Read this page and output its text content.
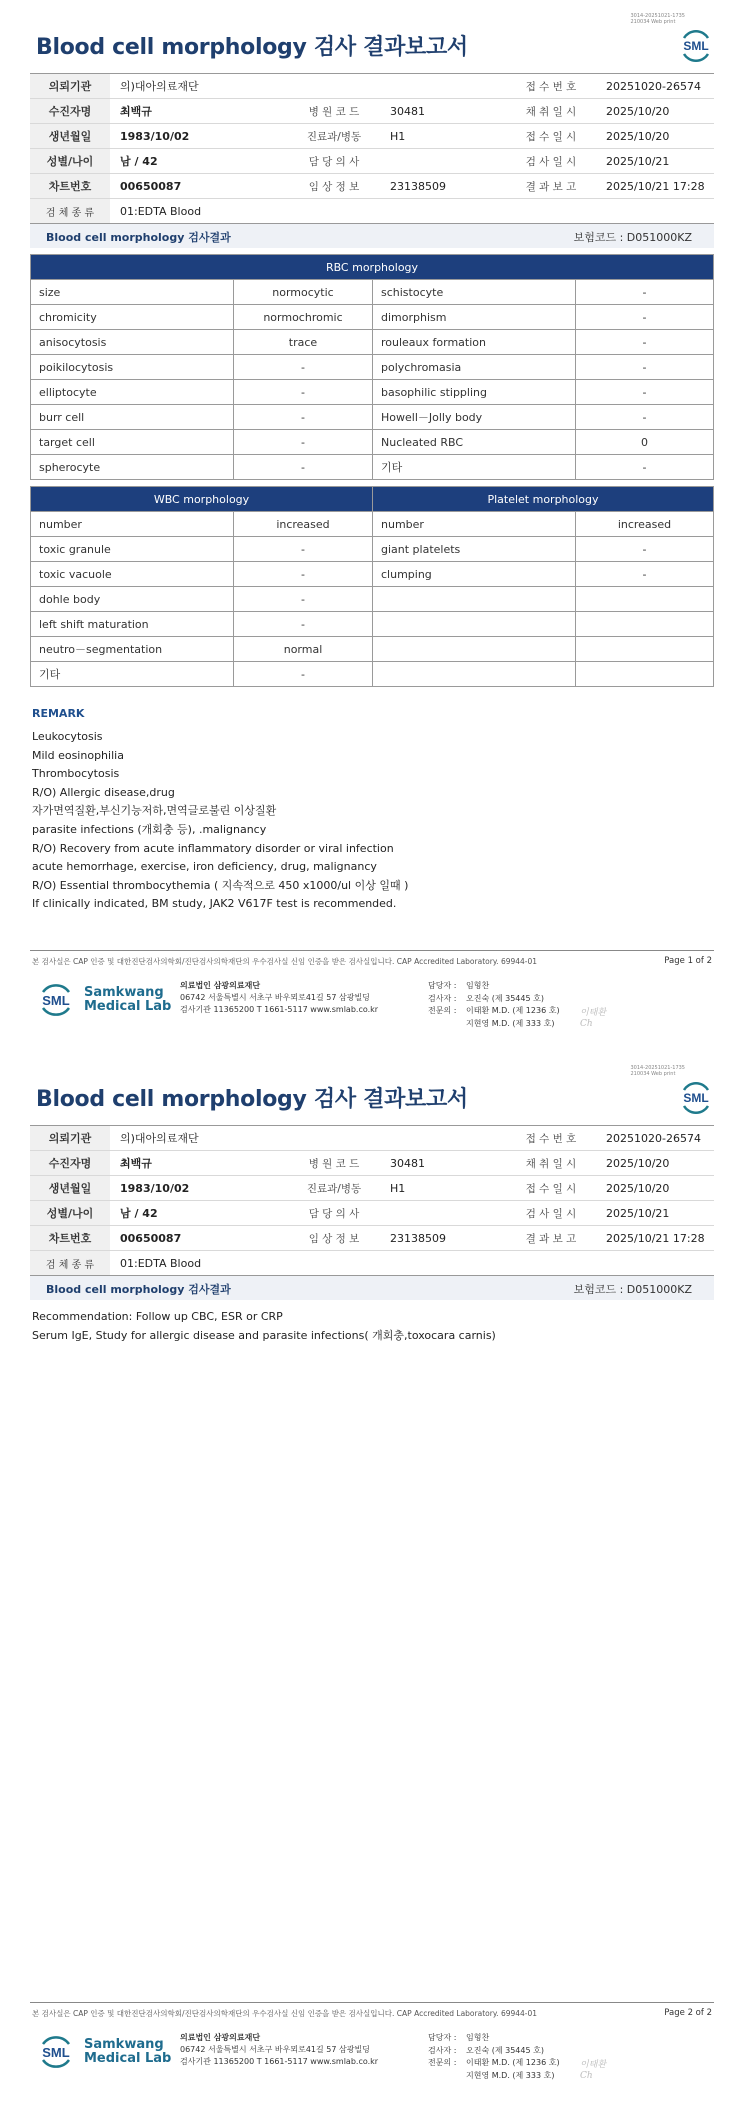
3014-20251021-1735
210034 Web print
SML
Blood cell morphology 검사 결과보고서
의뢰기관	의)대아의료재단			접 수 번 호	20251020-26574
수진자명	최백규	병 원 코 드	30481	채 취 일 시	2025/10/20
생년월일	1983/10/02	진료과/병동	H1	접 수 일 시	2025/10/20
성별/나이	남 / 42	담 당 의 사		검 사 일 시	2025/10/21
차트번호	00650087	임 상 정 보	23138509	결 과 보 고	2025/10/21 17:28
검 체 종 류	01:EDTA Blood				
Blood cell morphology 검사결과	보험코드 : D051000KZ
RBC morphology			
size	normocytic	schistocyte	-
chromicity	normochromic	dimorphism	-
anisocytosis	trace	rouleaux formation	-
poikilocytosis	-	polychromasia	-
elliptocyte	-	basophilic stippling	-
burr cell	-	Howell－Jolly body	-
target cell	-	Nucleated RBC	0
spherocyte	-	기타	-
WBC morphology		Platelet morphology	
number	increased	number	increased
toxic granule	-	giant platelets	-
toxic vacuole	-	clumping	-
dohle body	-		
left shift maturation	-		
neutro－segmentation	normal		
기타	-		
REMARK
Leukocytosis
Mild eosinophilia
Thrombocytosis
R/O) Allergic disease,drug
자가면역질환,부신기능저하,면역글로불린 이상질환
parasite infections (개회충 등), .malignancy
R/O) Recovery from acute inflammatory disorder or viral infection
acute hemorrhage, exercise, iron deficiency, drug, malignancy
R/O) Essential thrombocythemia ( 지속적으로 450 x1000/ul 이상 일때 )
If clinically indicated, BM study, JAK2 V617F test is recommended.
본 검사실은 CAP 인증 및 대한진단검사의학회/진단검사의학재단의 우수검사실 신임 인증을 받은 검사실입니다. CAP Accredited Laboratory. 69944-01	Page 1 of 2
SML
Samkwang
Medical Lab
의료법인 삼광의료재단
06742 서울특별시 서초구 바우뫼로41길 57 삼광빌딩
검사기관 11365200 T 1661-5117 www.smlab.co.kr
담당자 : 임형찬
검사자 : 오진숙 (제 35445 호)
전문의 : 이태환 M.D. (제 1236 호)
지현영 M.D. (제 333 호)
이태환
Ch
3014-20251021-1735
210034 Web print
SML
Blood cell morphology 검사 결과보고서
의뢰기관	의)대아의료재단			접 수 번 호	20251020-26574
수진자명	최백규	병 원 코 드	30481	채 취 일 시	2025/10/20
생년월일	1983/10/02	진료과/병동	H1	접 수 일 시	2025/10/20
성별/나이	남 / 42	담 당 의 사		검 사 일 시	2025/10/21
차트번호	00650087	임 상 정 보	23138509	결 과 보 고	2025/10/21 17:28
검 체 종 류	01:EDTA Blood				
Blood cell morphology 검사결과	보험코드 : D051000KZ
Recommendation: Follow up CBC, ESR or CRP
Serum IgE, Study for allergic disease and parasite infections( 개회충,toxocara carnis)
본 검사실은 CAP 인증 및 대한진단검사의학회/진단검사의학재단의 우수검사실 신임 인증을 받은 검사실입니다. CAP Accredited Laboratory. 69944-01	Page 2 of 2
SML
Samkwang
Medical Lab
의료법인 삼광의료재단
06742 서울특별시 서초구 바우뫼로41길 57 삼광빌딩
검사기관 11365200 T 1661-5117 www.smlab.co.kr
담당자 : 임형찬
검사자 : 오진숙 (제 35445 호)
전문의 : 이태환 M.D. (제 1236 호)
지현영 M.D. (제 333 호)
이태환
Ch
